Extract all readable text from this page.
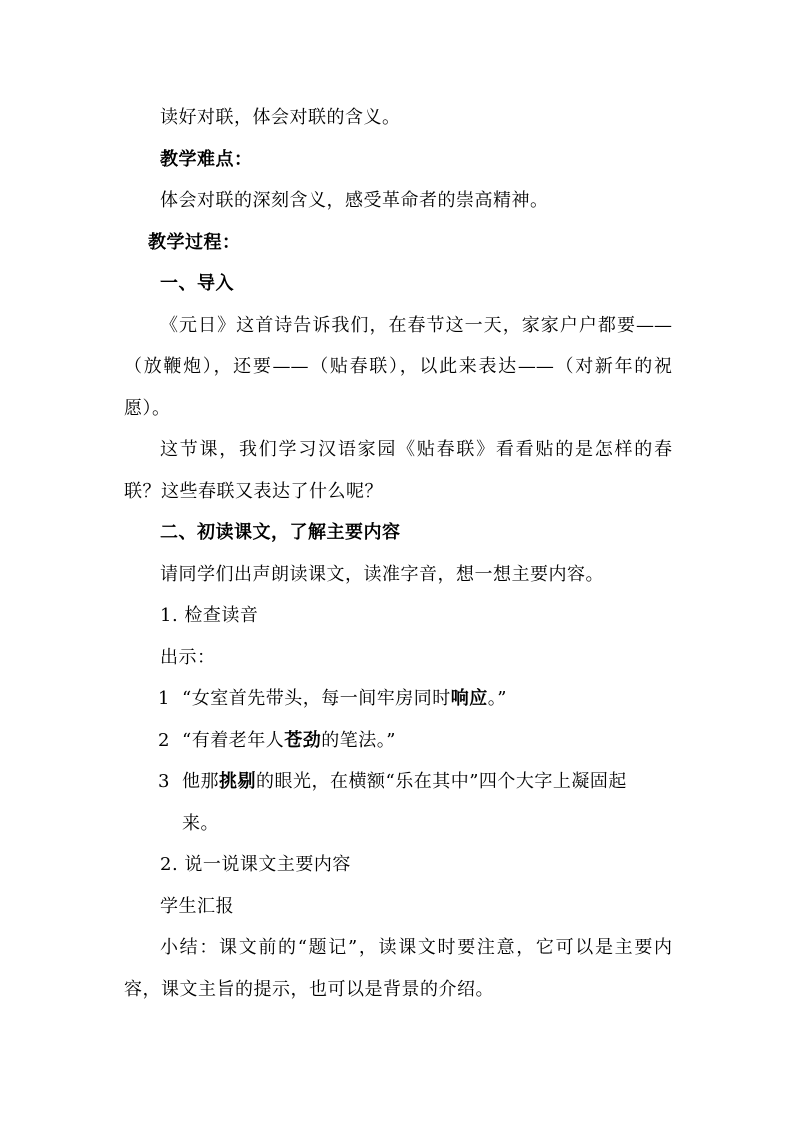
读好对联，体会对联的含义。
教学难点：
体会对联的深刻含义，感受革命者的崇高精神。
教学过程：
一、导入
《元日》这首诗告诉我们，在春节这一天，家家户户都要——
（放鞭炮），还要——（贴春联），以此来表达——（对新年的祝
愿）。
这节课，我们学习汉语家园《贴春联》看看贴的是怎样的春
联？这些春联又表达了什么呢？
二、初读课文，了解主要内容
请同学们出声朗读课文，读准字音，想一想主要内容。
1. 检查读音
出示：
1 “女室首先带头，每一间牢房同时响应。”
2 “有着老年人苍劲的笔法。”
3 他那挑剔的眼光，在横额“乐在其中”四个大字上凝固起
来。
2. 说一说课文主要内容
学生汇报
小结：课文前的“题记”，读课文时要注意，它可以是主要内
容，课文主旨的提示，也可以是背景的介绍。
